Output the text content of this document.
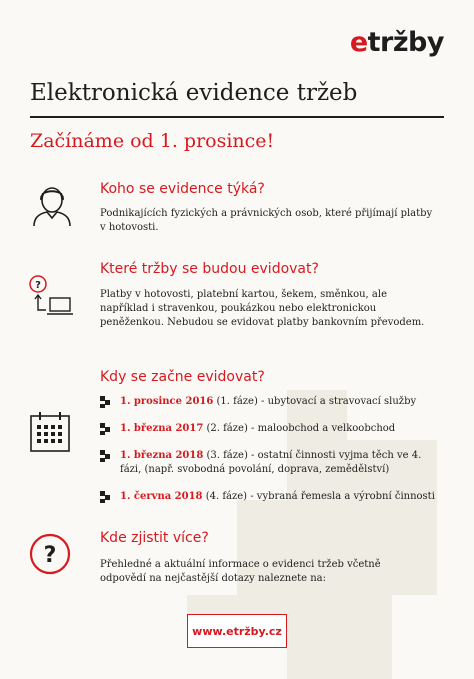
etržby
Elektronická evidence tržeb
Začínáme od 1. prosince!
Koho se evidence týká?
Podnikajících fyzických a právnických osob, které přijímají platby v hotovosti.
?
Které tržby se budou evidovat?
Platby v hotovosti, platební kartou, šekem, směnkou, ale například i stravenkou, poukázkou nebo elektronickou peněženkou. Nebudou se evidovat platby bankovním převodem.
Kdy se začne evidovat?
1. prosince 2016 (1. fáze) - ubytovací a stravovací služby
1. března 2017 (2. fáze) - maloobchod a velkoobchod
1. března 2018 (3. fáze) - ostatní činnosti vyjma těch ve 4. fázi, (např. svobodná povolání, doprava, zemědělství)
1. června 2018 (4. fáze) - vybraná řemesla a výrobní činnosti
?
Kde zjistit více?
Přehledné a aktuální informace o evidenci tržeb včetně odpovědí na nejčastější dotazy naleznete na:
www.etržby.cz
